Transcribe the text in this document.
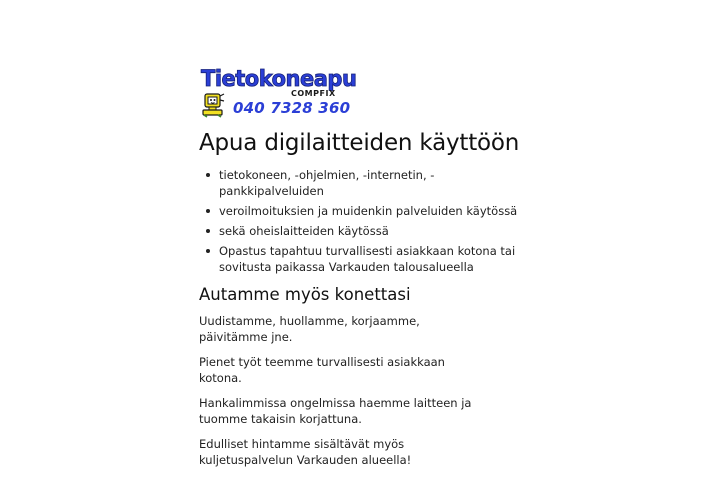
Tietokoneapu
COMPFIX
040 7328 360
Apua digilaitteiden käyttöön
tietokoneen, -ohjelmien, -internetin, -pankkipalveluiden
veroilmoituksien ja muidenkin palveluiden käytössä
sekä oheislaitteiden käytössä
Opastus tapahtuu turvallisesti asiakkaan kotona tai sovitusta paikassa Varkauden talousalueella
Autamme myös konettasi

Uudistamme, huollamme, korjaamme, päivitämme jne.

Pienet työt teemme turvallisesti asiakkaan kotona.

Hankalimmissa ongelmissa haemme laitteen ja tuomme takaisin korjattuna.

Edulliset hintamme sisältävät myös kuljetuspalvelun Varkauden alueella!
